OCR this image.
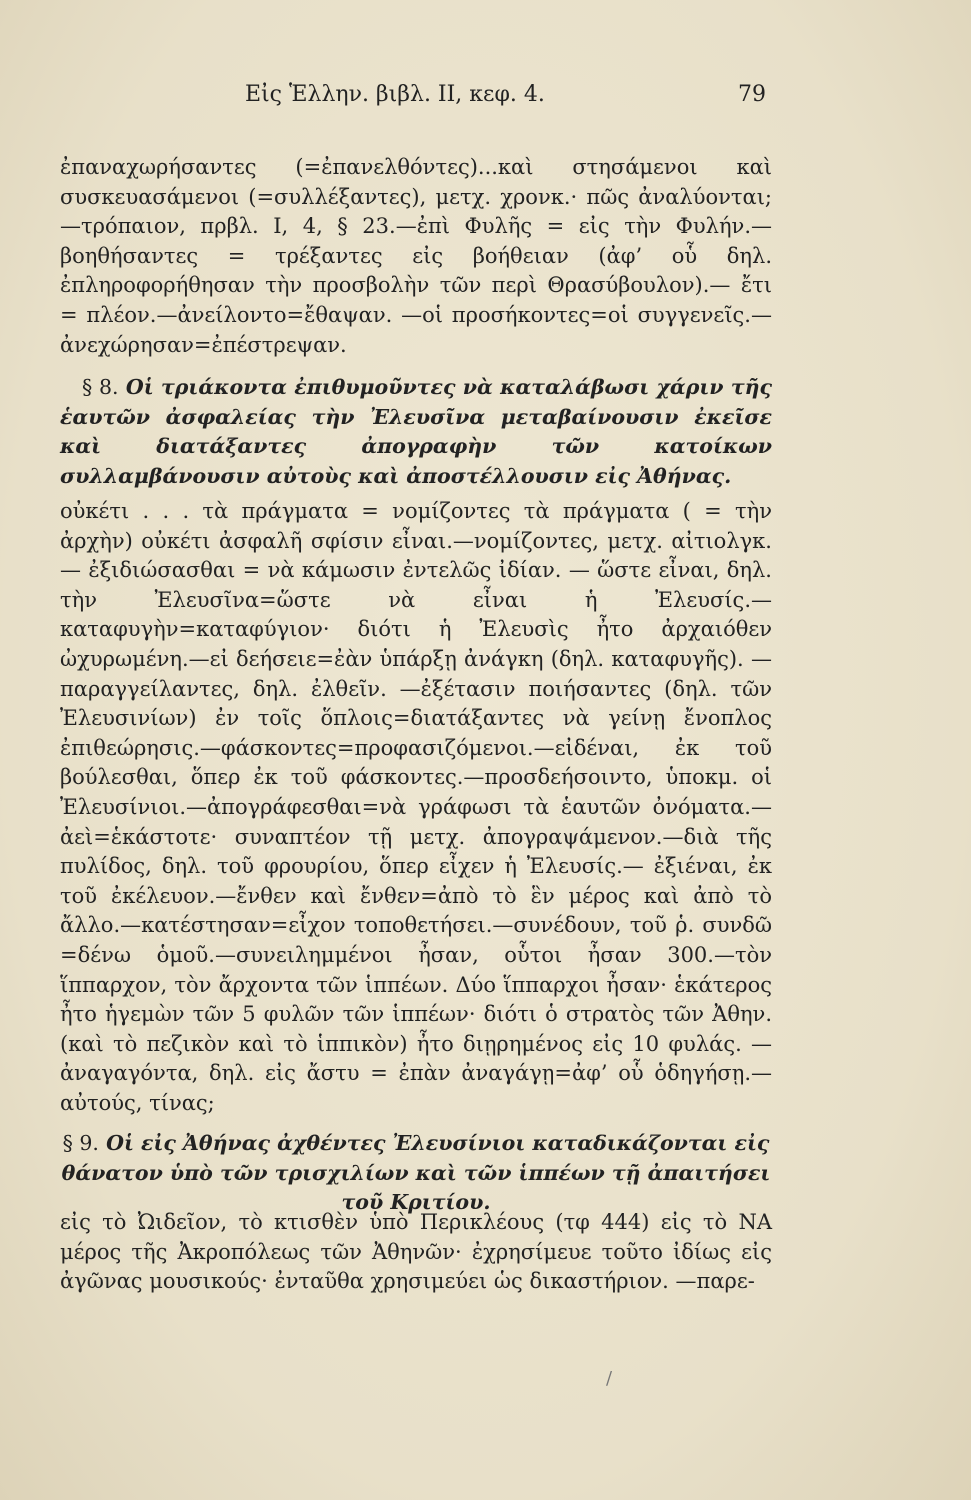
Εἰς Ἑλλην. βιβλ. II, κεφ. 4.	79

ἐπαναχωρήσαντες (=ἐπανελθόντες)...καὶ στησάμενοι καὶ συσκευασάμενοι (=συλλέξαντες), μετχ. χρονκ.· πῶς ἀναλύονται;—τρόπαιον, πρβλ. I, 4, § 23.—ἐπὶ Φυλῆς = εἰς τὴν Φυλήν.—βοηθήσαντες = τρέξαντες εἰς βοήθειαν (ἀφ’ οὗ δηλ. ἐπληροφορήθησαν τὴν προσβολὴν τῶν περὶ Θρασύβουλον).— ἔτι = πλέον.—ἀνείλοντο=ἔθαψαν. —οἱ προσήκοντες=οἱ συγγενεῖς.—ἀνεχώρησαν=ἐπέστρεψαν.

§ 8. Οἱ τριάκοντα ἐπιθυμοῦντες νὰ καταλάβωσι χάριν τῆς ἑαυτῶν ἀσφαλείας τὴν Ἐλευσῖνα μεταβαίνουσιν ἐκεῖσε καὶ διατάξαντες ἀπογραφὴν τῶν κατοίκων συλλαμβάνουσιν αὐτοὺς καὶ ἀποστέλλουσιν εἰς Ἀθήνας.

οὐκέτι . . . τὰ πράγματα = νομίζοντες τὰ πράγματα ( = τὴν ἀρχὴν) οὐκέτι ἀσφαλῆ σφίσιν εἶναι.—νομίζοντες, μετχ. αἰτιολγκ. — ἐξιδιώσασθαι = νὰ κάμωσιν ἐντελῶς ἰδίαν. — ὥστε εἶναι, δηλ. τὴν Ἐλευσῖνα=ὥστε νὰ εἶναι ἡ Ἐλευσίς.—καταφυγὴν=καταφύγιον· διότι ἡ Ἐλευσὶς ἦτο ἀρχαιόθεν ὠχυρωμένη.—εἰ δεήσειε=ἐὰν ὑπάρξῃ ἀνάγκη (δηλ. καταφυγῆς). —παραγγείλαντες, δηλ. ἐλθεῖν. —ἐξέτασιν ποιήσαντες (δηλ. τῶν Ἐλευσινίων) ἐν τοῖς ὅπλοις=διατάξαντες νὰ γείνῃ ἔνοπλος ἐπιθεώρησις.—φάσκοντες=προφασιζόμενοι.—εἰδέναι, ἐκ τοῦ βούλεσθαι, ὅπερ ἐκ τοῦ φάσκοντες.—προσδεήσοιντο, ὑποκμ. οἱ Ἐλευσίνιοι.—ἀπογράφεσθαι=νὰ γράφωσι τὰ ἑαυτῶν ὀνόματα.—ἀεὶ=ἑκάστοτε· συναπτέον τῇ μετχ. ἀπογραψάμενον.—διὰ τῆς πυλίδος, δηλ. τοῦ φρουρίου, ὅπερ εἶχεν ἡ Ἐλευσίς.— ἐξιέναι, ἐκ τοῦ ἐκέλευον.—ἔνθεν καὶ ἔνθεν=ἀπὸ τὸ ἓν μέρος καὶ ἀπὸ τὸ ἄλλο.—κατέστησαν=εἶχον τοποθετήσει.—συνέδουν, τοῦ ῥ. συνδῶ =δένω ὁμοῦ.—συνειλημμένοι ἦσαν, οὗτοι ἦσαν 300.—τὸν ἵππαρχον, τὸν ἄρχοντα τῶν ἱππέων. Δύο ἵππαρχοι ἦσαν· ἑκάτερος ἦτο ἡγεμὼν τῶν 5 φυλῶν τῶν ἱππέων· διότι ὁ στρατὸς τῶν Ἀθην. (καὶ τὸ πεζικὸν καὶ τὸ ἱππικὸν) ἦτο διῃρημένος εἰς 10 φυλάς. — ἀναγαγόντα, δηλ. εἰς ἄστυ = ἐπὰν ἀναγάγῃ=ἀφ’ οὗ ὁδηγήσῃ.—αὐτούς, τίνας;

§ 9. Οἱ εἰς Ἀθήνας ἀχθέντες Ἐλευσίνιοι καταδικάζονται εἰς θάνατον ὑπὸ τῶν τρισχιλίων καὶ τῶν ἱππέων τῇ ἀπαιτήσει τοῦ Κριτίου.

εἰς τὸ Ὠιδεῖον, τὸ κτισθὲν ὑπὸ Περικλέους (τφ 444) εἰς τὸ ΝΑ μέρος τῆς Ἀκροπόλεως τῶν Ἀθηνῶν· ἐχρησίμευε τοῦτο ἰδίως εἰς ἀγῶνας μουσικούς· ἐνταῦθα χρησιμεύει ὡς δικαστήριον. —παρε-

/
